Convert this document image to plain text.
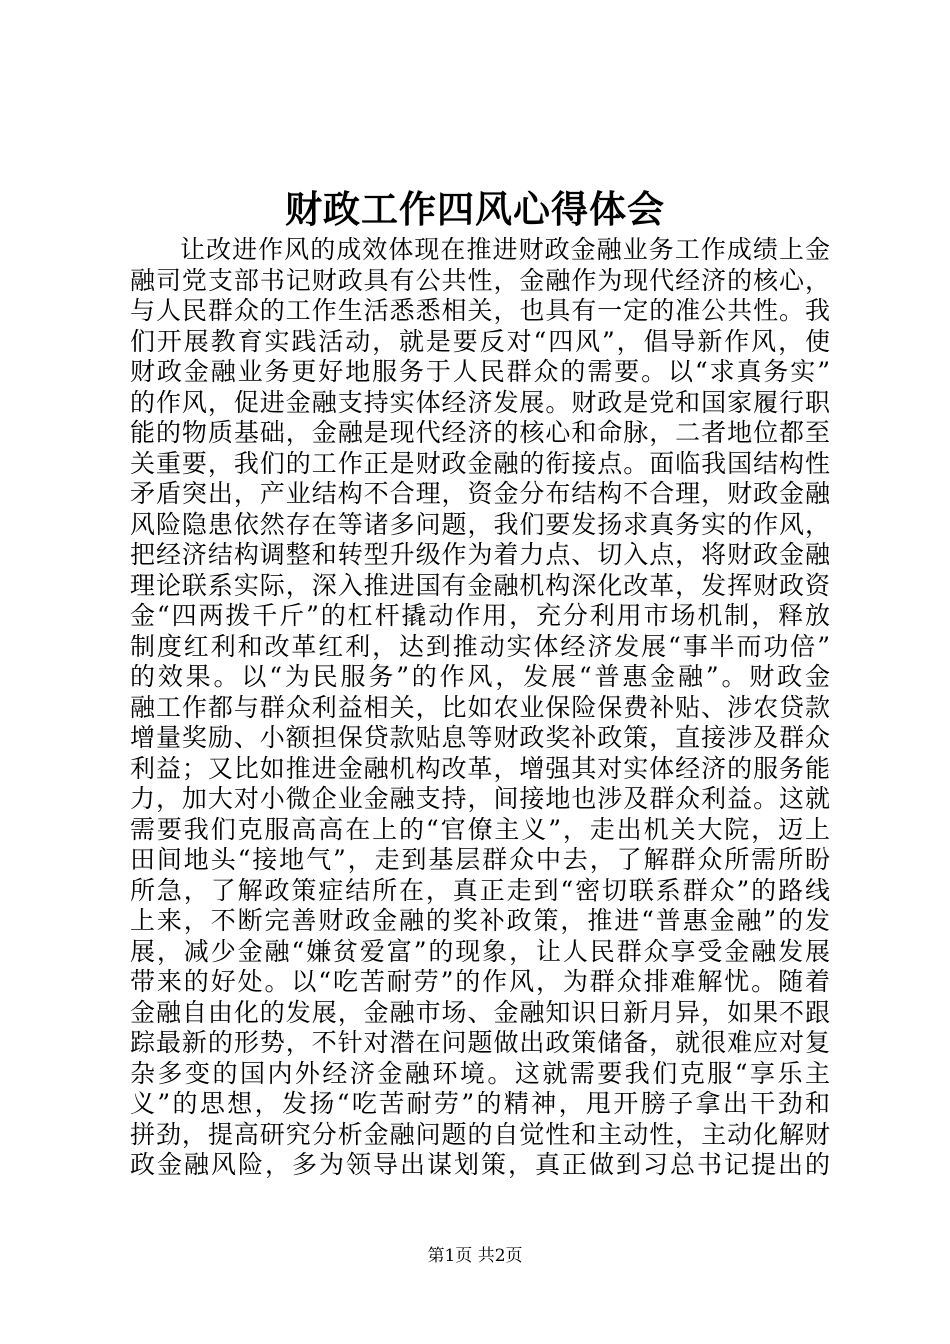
财政工作四风心得体会
让改进作风的成效体现在推进财政金融业务工作成绩上金
融司党支部书记财政具有公共性，金融作为现代经济的核心，
与人民群众的工作生活悉悉相关，也具有一定的准公共性。我
们开展教育实践活动，就是要反对“四风”，倡导新作风，使
财政金融业务更好地服务于人民群众的需要。以“求真务实”
的作风，促进金融支持实体经济发展。财政是党和国家履行职
能的物质基础，金融是现代经济的核心和命脉，二者地位都至
关重要，我们的工作正是财政金融的衔接点。面临我国结构性
矛盾突出，产业结构不合理，资金分布结构不合理，财政金融
风险隐患依然存在等诸多问题，我们要发扬求真务实的作风，
把经济结构调整和转型升级作为着力点、切入点，将财政金融
理论联系实际，深入推进国有金融机构深化改革，发挥财政资
金“四两拨千斤”的杠杆撬动作用，充分利用市场机制，释放
制度红利和改革红利，达到推动实体经济发展“事半而功倍”
的效果。以“为民服务”的作风，发展“普惠金融”。财政金
融工作都与群众利益相关，比如农业保险保费补贴、涉农贷款
增量奖励、小额担保贷款贴息等财政奖补政策，直接涉及群众
利益；又比如推进金融机构改革，增强其对实体经济的服务能
力，加大对小微企业金融支持，间接地也涉及群众利益。这就
需要我们克服高高在上的“官僚主义”，走出机关大院，迈上
田间地头“接地气”，走到基层群众中去，了解群众所需所盼
所急，了解政策症结所在，真正走到“密切联系群众”的路线
上来，不断完善财政金融的奖补政策，推进“普惠金融”的发
展，减少金融“嫌贫爱富”的现象，让人民群众享受金融发展
带来的好处。以“吃苦耐劳”的作风，为群众排难解忧。随着
金融自由化的发展，金融市场、金融知识日新月异，如果不跟
踪最新的形势，不针对潜在问题做出政策储备，就很难应对复
杂多变的国内外经济金融环境。这就需要我们克服“享乐主
义”的思想，发扬“吃苦耐劳”的精神，甩开膀子拿出干劲和
拼劲，提高研究分析金融问题的自觉性和主动性，主动化解财
政金融风险，多为领导出谋划策，真正做到习总书记提出的
第1页 共2页
